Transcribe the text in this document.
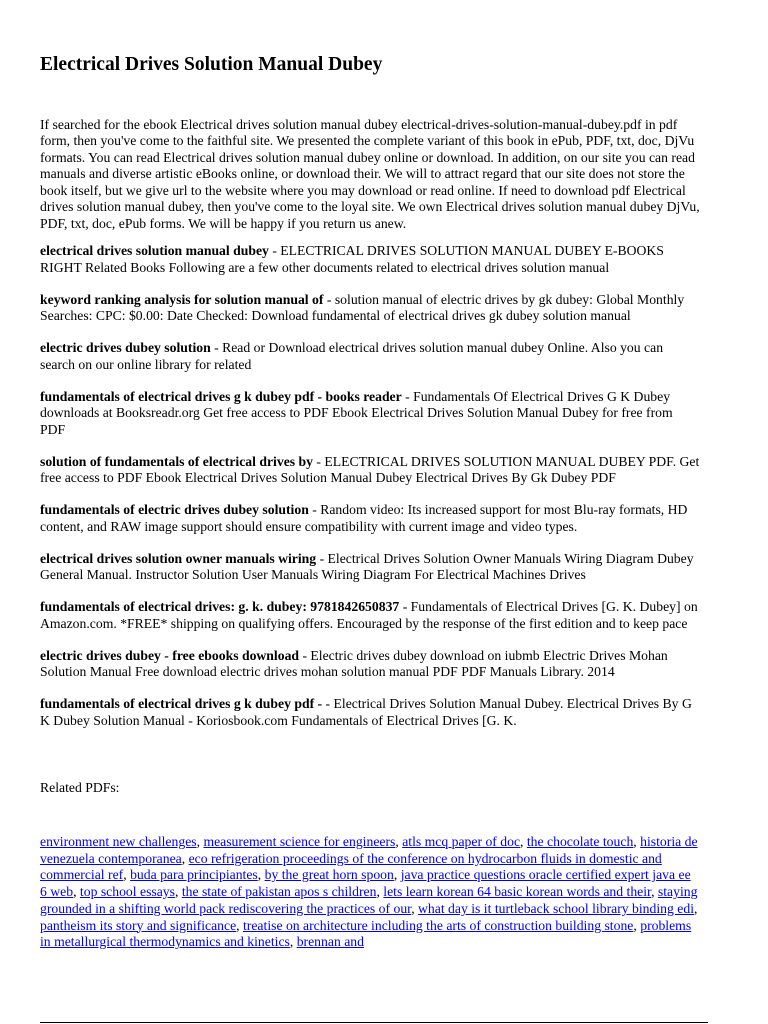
Electrical Drives Solution Manual Dubey

If searched for the ebook Electrical drives solution manual dubey electrical-drives-solution-manual-dubey.pdf in pdf form, then you've come to the faithful site. We presented the complete variant of this book in ePub, PDF, txt, doc, DjVu formats. You can read Electrical drives solution manual dubey online or download. In addition, on our site you can read manuals and diverse artistic eBooks online, or download their. We will to attract regard that our site does not store the book itself, but we give url to the website where you may download or read online. If need to download pdf Electrical drives solution manual dubey, then you've come to the loyal site. We own Electrical drives solution manual dubey DjVu, PDF, txt, doc, ePub forms. We will be happy if you return us anew.

electrical drives solution manual dubey - ELECTRICAL DRIVES SOLUTION MANUAL DUBEY E-BOOKS RIGHT Related Books Following are a few other documents related to electrical drives solution manual

keyword ranking analysis for solution manual of - solution manual of electric drives by gk dubey: Global Monthly Searches: CPC: $0.00: Date Checked: Download fundamental of electrical drives gk dubey solution manual

electric drives dubey solution - Read or Download electrical drives solution manual dubey Online. Also you can search on our online library for related

fundamentals of electrical drives g k dubey pdf - books reader - Fundamentals Of Electrical Drives G K Dubey downloads at Booksreadr.org Get free access to PDF Ebook Electrical Drives Solution Manual Dubey for free from PDF

solution of fundamentals of electrical drives by - ELECTRICAL DRIVES SOLUTION MANUAL DUBEY PDF. Get free access to PDF Ebook Electrical Drives Solution Manual Dubey Electrical Drives By Gk Dubey PDF

fundamentals of electric drives dubey solution - Random video: Its increased support for most Blu-ray formats, HD content, and RAW image support should ensure compatibility with current image and video types.

electrical drives solution owner manuals wiring - Electrical Drives Solution Owner Manuals Wiring Diagram Dubey General Manual. Instructor Solution User Manuals Wiring Diagram For Electrical Machines Drives

fundamentals of electrical drives: g. k. dubey: 9781842650837 - Fundamentals of Electrical Drives [G. K. Dubey] on Amazon.com. *FREE* shipping on qualifying offers. Encouraged by the response of the first edition and to keep pace

electric drives dubey - free ebooks download - Electric drives dubey download on iubmb Electric Drives Mohan Solution Manual Free download electric drives mohan solution manual PDF PDF Manuals Library. 2014

fundamentals of electrical drives g k dubey pdf - - Electrical Drives Solution Manual Dubey. Electrical Drives By G K Dubey Solution Manual - Koriosbook.com Fundamentals of Electrical Drives [G. K.

Related PDFs:
environment new challenges, measurement science for engineers, atls mcq paper of doc, the chocolate touch, historia de venezuela contemporanea, eco refrigeration proceedings of the conference on hydrocarbon fluids in domestic and commercial ref, buda para principiantes, by the great horn spoon, java practice questions oracle certified expert java ee 6 web, top school essays, the state of pakistan apos s children, lets learn korean 64 basic korean words and their, staying grounded in a shifting world pack rediscovering the practices of our, what day is it turtleback school library binding edi, pantheism its story and significance, treatise on architecture including the arts of construction building stone, problems in metallurgical thermodynamics and kinetics, brennan and
